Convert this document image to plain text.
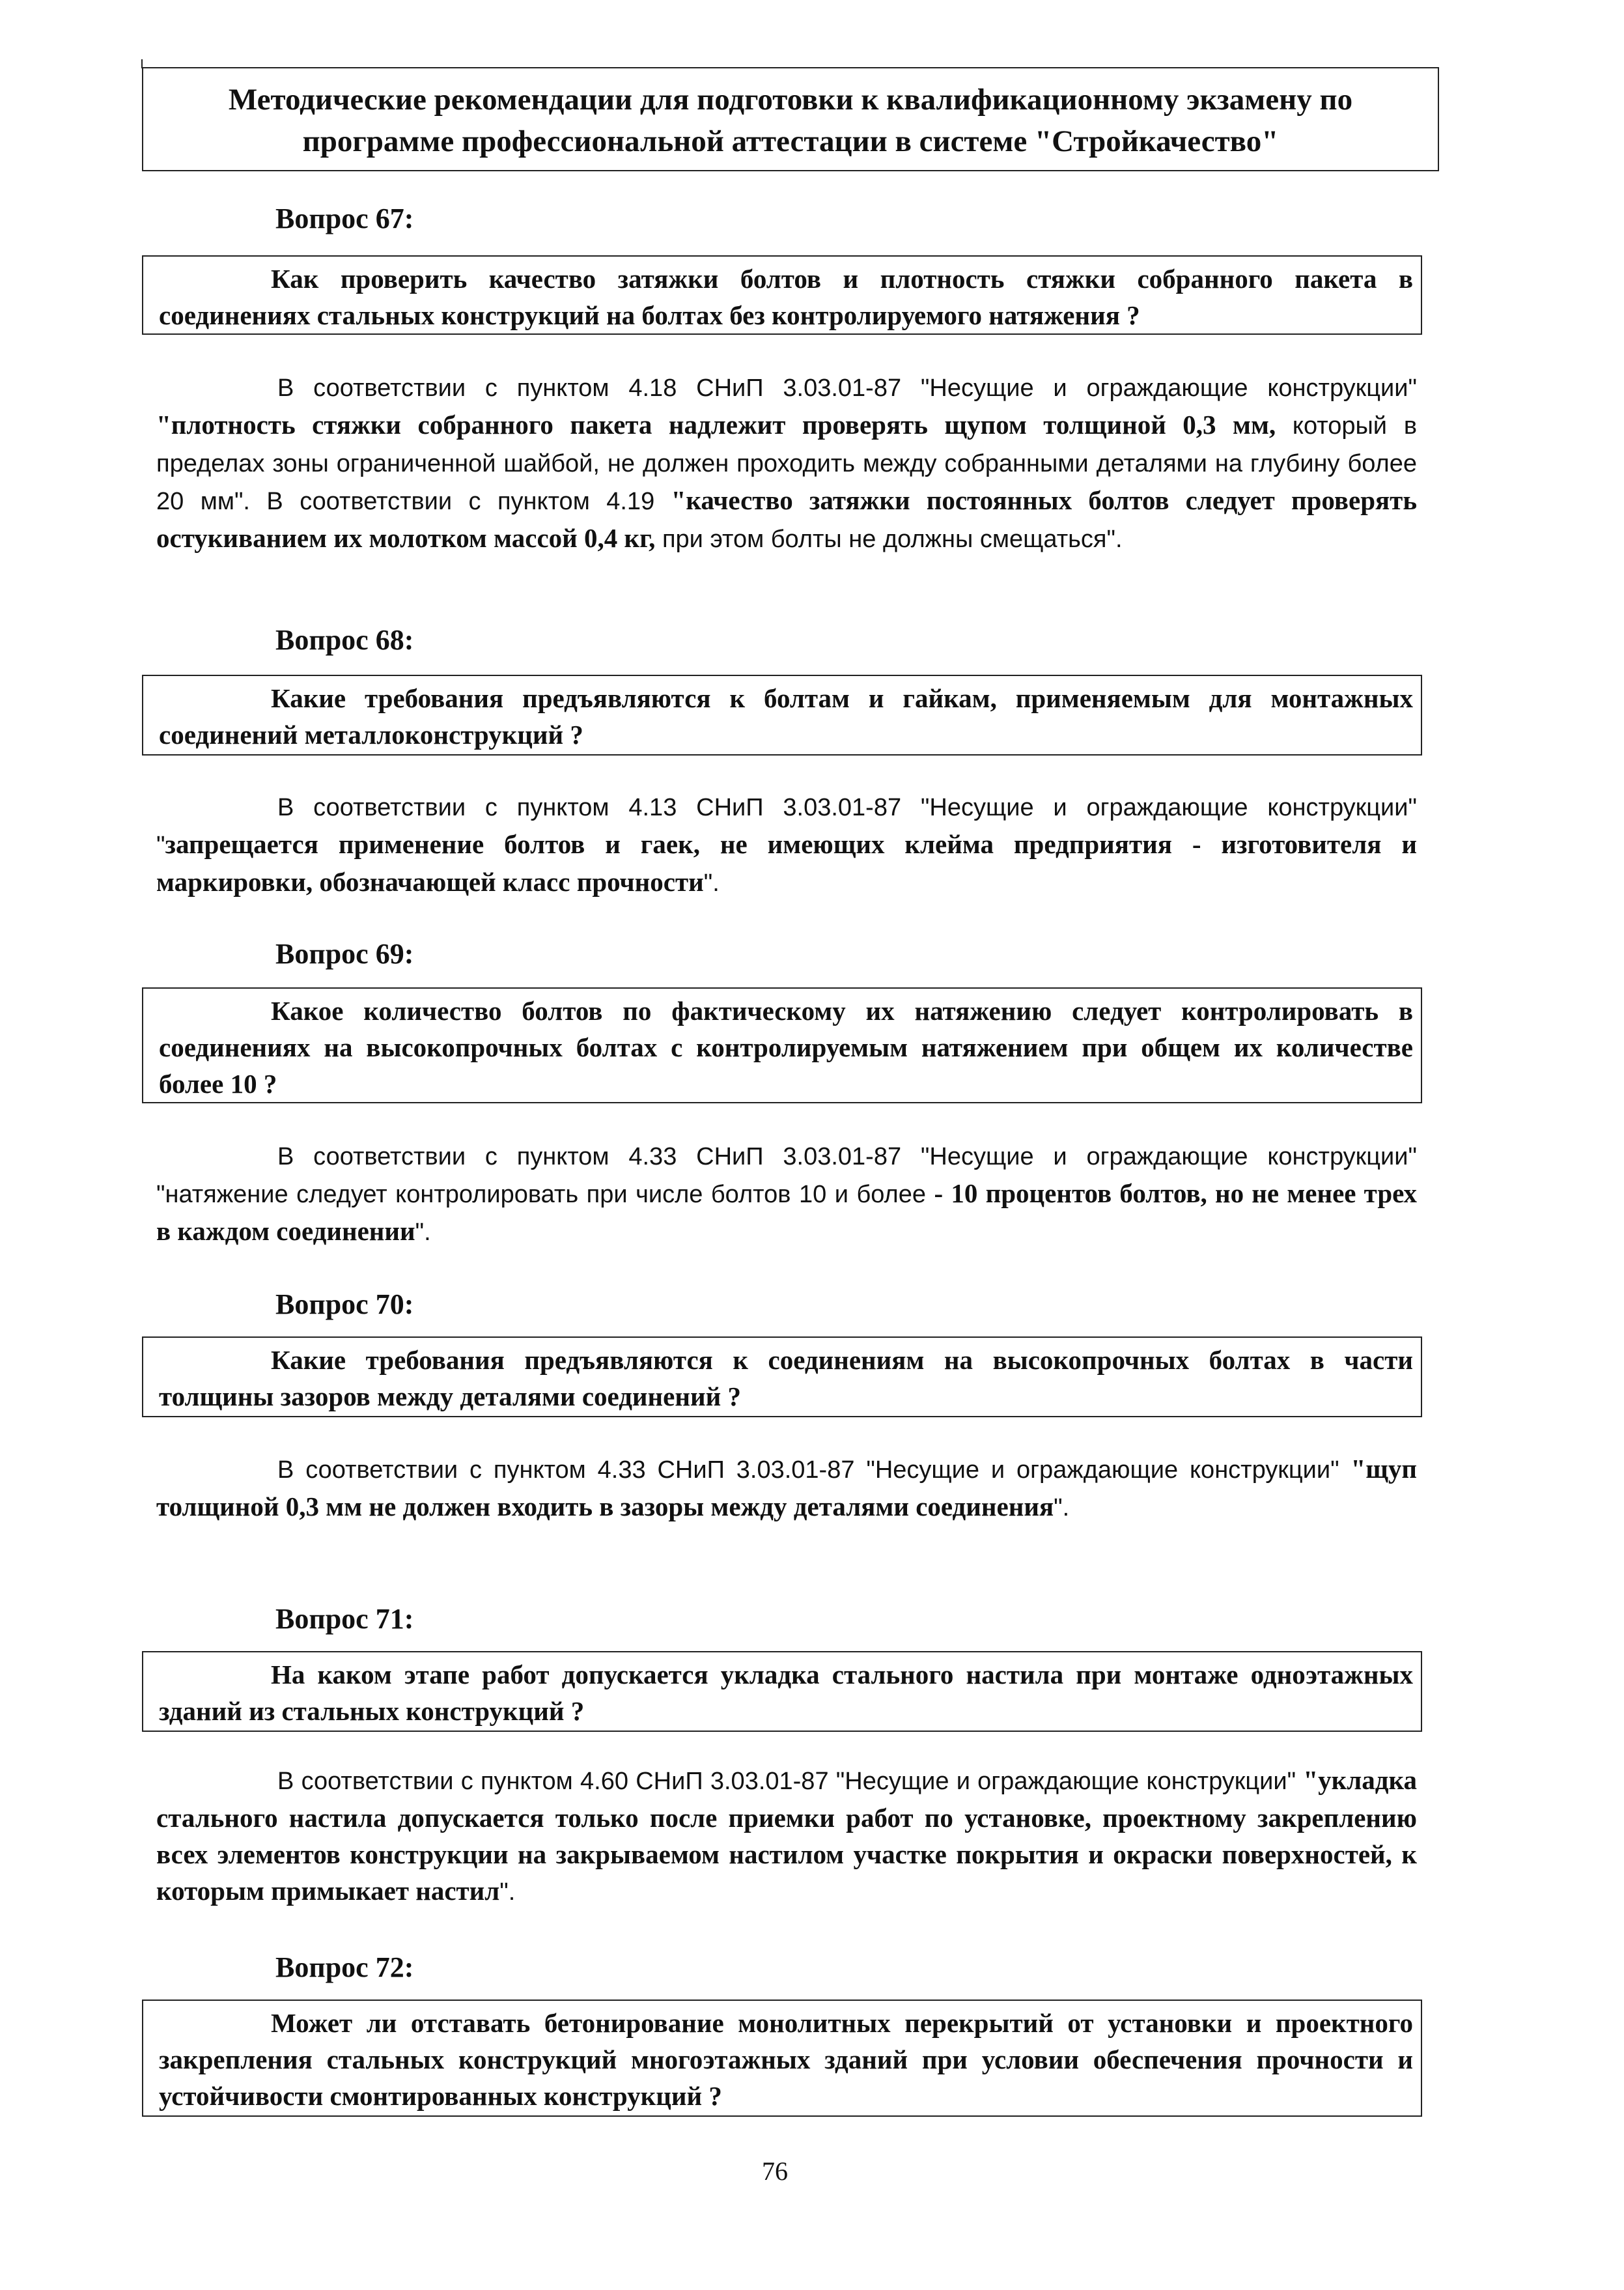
Методические рекомендации для подготовки к квалификационному экзамену по
программе профессиональной аттестации в системе "Стройкачество"
Вопрос 67:
Как проверить качество затяжки болтов и плотность стяжки собранного пакета в соединениях стальных конструкций на болтах без контролируемого натяжения ?
В соответствии с пунктом 4.18 СНиП 3.03.01-87 "Несущие и ограждающие конструкции" "плотность стяжки собранного пакета надлежит проверять щупом толщиной 0,3 мм, который в пределах зоны ограниченной шайбой, не должен проходить между собранными деталями на глубину более 20 мм". В соответствии с пунктом 4.19 "качество затяжки постоянных болтов следует проверять остукиванием их молотком массой 0,4 кг, при этом болты не должны смещаться".
Вопрос 68:
Какие требования предъявляются к болтам и гайкам, применяемым для монтажных соединений металлоконструкций ?
В соответствии с пунктом 4.13 СНиП 3.03.01-87 "Несущие и ограждающие конструкции" "запрещается применение болтов и гаек, не имеющих клейма предприятия - изготовителя и маркировки, обозначающей класс прочности".
Вопрос 69:
Какое количество болтов по фактическому их натяжению следует контролировать в соединениях на высокопрочных болтах с контролируемым натяжением при общем их количестве более 10 ?
В соответствии с пунктом 4.33 СНиП 3.03.01-87 "Несущие и ограждающие конструкции" "натяжение следует контролировать при числе болтов 10 и более - 10 процентов болтов, но не менее трех в каждом соединении".
Вопрос 70:
Какие требования предъявляются к соединениям на высокопрочных болтах в части толщины зазоров между деталями соединений ?
В соответствии с пунктом 4.33 СНиП 3.03.01-87 "Несущие и ограждающие конструкции" "щуп толщиной 0,3 мм не должен входить в зазоры между деталями соединения".
Вопрос 71:
На каком этапе работ допускается укладка стального настила при монтаже одноэтажных зданий из стальных конструкций ?
В соответствии с пунктом 4.60 СНиП 3.03.01-87 "Несущие и ограждающие конструкции" "укладка стального настила допускается только после приемки работ по установке, проектному закреплению всех элементов конструкции на закрываемом настилом участке покрытия и окраски поверхностей, к которым примыкает настил".
Вопрос 72:
Может ли отставать бетонирование монолитных перекрытий от установки и проектного закрепления стальных конструкций многоэтажных зданий при условии обеспечения прочности и устойчивости смонтированных конструкций ?
76
